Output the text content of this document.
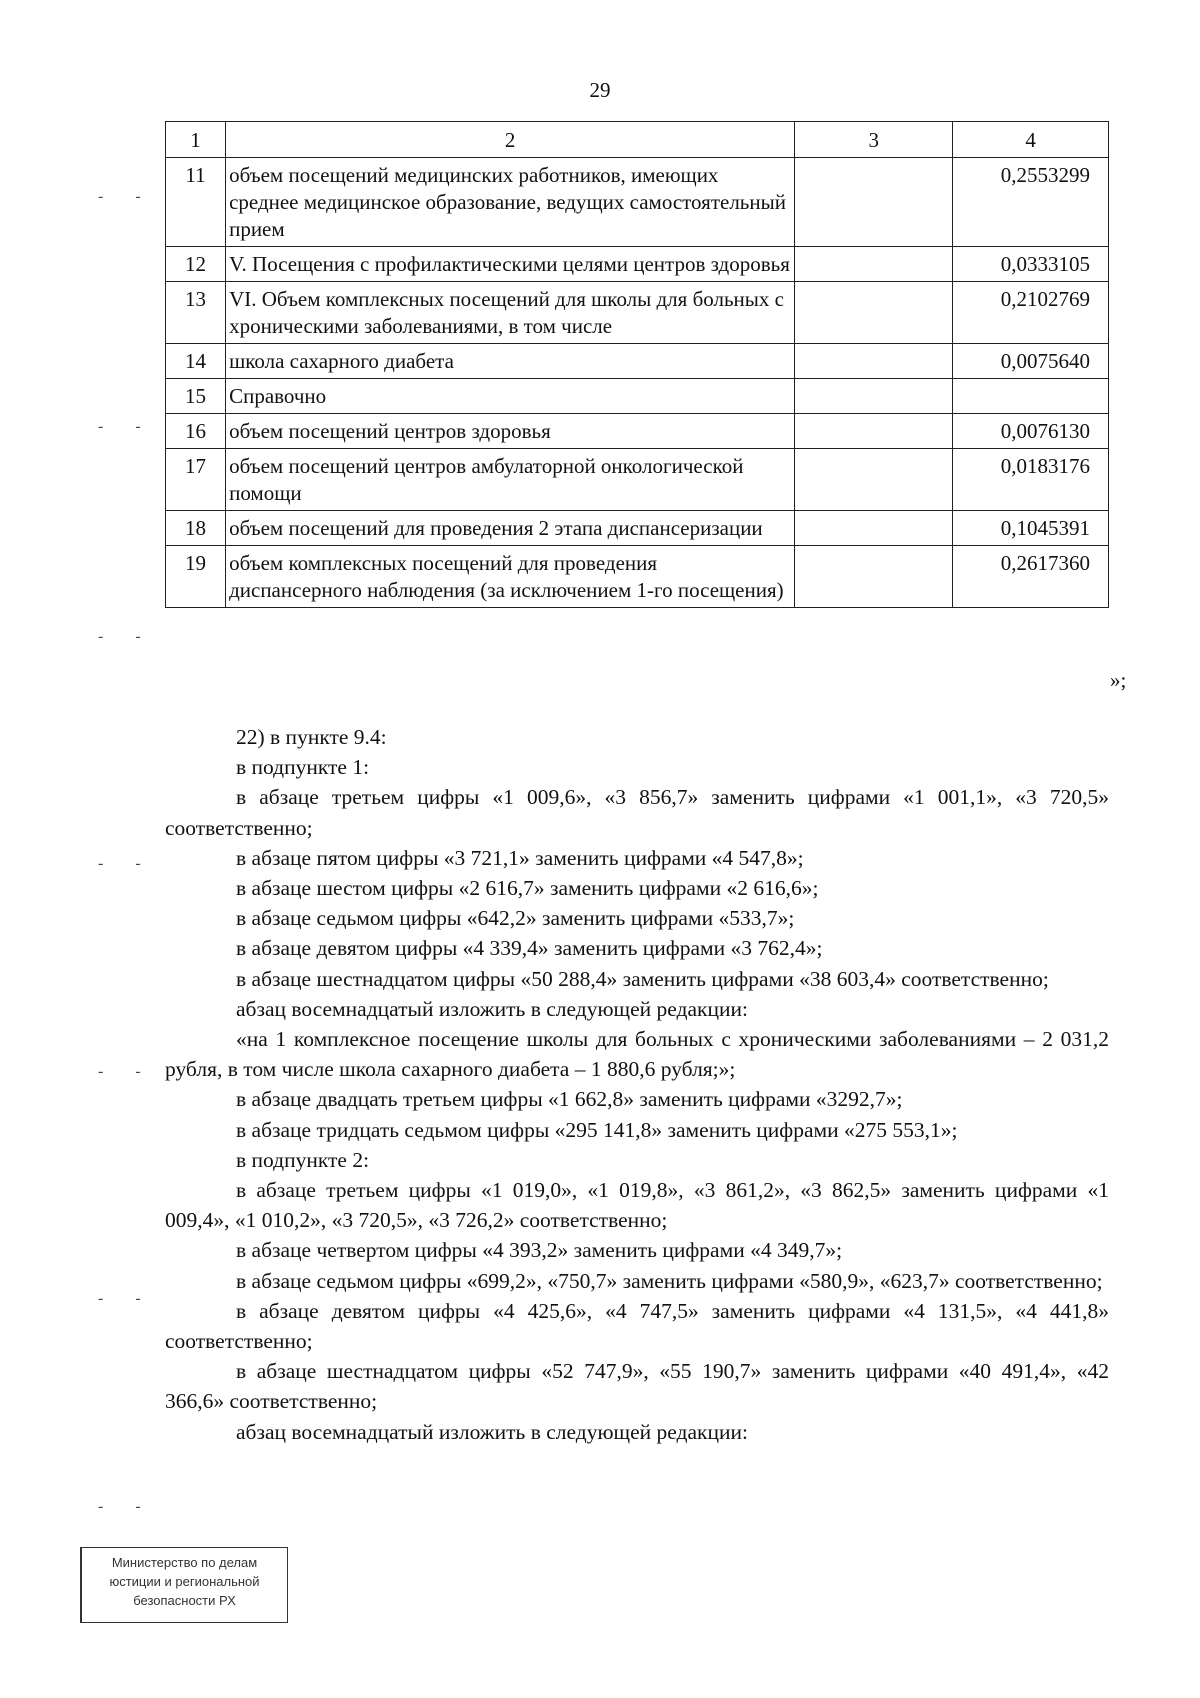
29
1	2	3	4
11	объем посещений медицинских работников, имеющих среднее медицинское образование, ведущих самостоятельный прием		0,2553299
12	V. Посещения с профилактическими целями центров здоровья		0,0333105
13	VI. Объем комплексных посещений для школы для больных с хроническими заболеваниями, в том числе		0,2102769
14	школа сахарного диабета		0,0075640
15	Справочно		
16	объем посещений центров здоровья		0,0076130
17	объем посещений центров амбулаторной онкологической помощи		0,0183176
18	объем посещений для проведения 2 этапа диспансеризации		0,1045391
19	объем комплексных посещений для проведения диспансерного наблюдения (за исключением 1-го посещения)		0,2617360
»;

22) в пункте 9.4:

в подпункте 1:

в абзаце третьем цифры «1 009,6», «3 856,7» заменить цифрами «1 001,1», «3 720,5» соответственно;

в абзаце пятом цифры «3 721,1» заменить цифрами «4 547,8»;

в абзаце шестом цифры «2 616,7» заменить цифрами «2 616,6»;

в абзаце седьмом цифры «642,2» заменить цифрами «533,7»;

в абзаце девятом цифры «4 339,4» заменить цифрами «3 762,4»;

в абзаце шестнадцатом цифры «50 288,4» заменить цифрами «38 603,4» соответственно;

абзац восемнадцатый изложить в следующей редакции:

«на 1 комплексное посещение школы для больных с хроническими заболеваниями – 2 031,2 рубля, в том числе школа сахарного диабета – 1 880,6 рубля;»;

в абзаце двадцать третьем цифры «1 662,8» заменить цифрами «3292,7»;

в абзаце тридцать седьмом цифры «295 141,8» заменить цифрами «275 553,1»;

в подпункте 2:

в абзаце третьем цифры «1 019,0», «1 019,8», «3 861,2», «3 862,5» заменить цифрами «1 009,4», «1 010,2», «3 720,5», «3 726,2» соответственно;

в абзаце четвертом цифры «4 393,2» заменить цифрами «4 349,7»;

в абзаце седьмом цифры «699,2», «750,7» заменить цифрами «580,9», «623,7» соответственно;

в абзаце девятом цифры «4 425,6», «4 747,5» заменить цифрами «4 131,5», «4 441,8» соответственно;

в абзаце шестнадцатом цифры «52 747,9», «55 190,7» заменить цифрами «40 491,4», «42 366,6» соответственно;

абзац восемнадцатый изложить в следующей редакции:

- -
- -
- -
- -
- -
- -
- -
Министерство по делам
юстиции и региональной
безопасности РХ
